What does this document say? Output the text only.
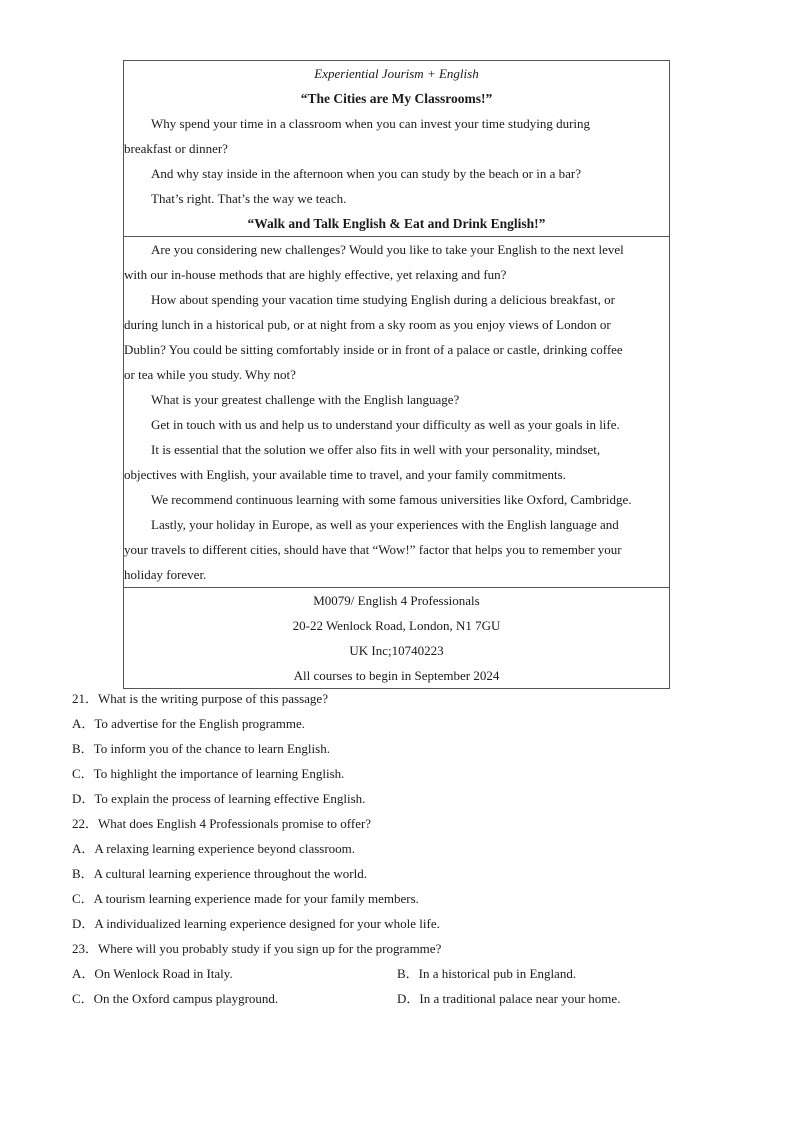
Experiential Jourism + English
“The Cities are My Classrooms!”
Why spend your time in a classroom when you can invest your time studying during
breakfast or dinner?
And why stay inside in the afternoon when you can study by the beach or in a bar?
That’s right. That’s the way we teach.
“Walk and Talk English & Eat and Drink English!”
Are you considering new challenges? Would you like to take your English to the next level
with our in-house methods that are highly effective, yet relaxing and fun?
How about spending your vacation time studying English during a delicious breakfast, or
during lunch in a historical pub, or at night from a sky room as you enjoy views of London or
Dublin? You could be sitting comfortably inside or in front of a palace or castle, drinking coffee
or tea while you study. Why not?
What is your greatest challenge with the English language?
Get in touch with us and help us to understand your difficulty as well as your goals in life.
It is essential that the solution we offer also fits in well with your personality, mindset,
objectives with English, your available time to travel, and your family commitments.
We recommend continuous learning with some famous universities like Oxford, Cambridge.
Lastly, your holiday in Europe, as well as your experiences with the English language and
your travels to different cities, should have that “Wow!” factor that helps you to remember your
holiday forever.
M0079/ English 4 Professionals
20-22 Wenlock Road, London, N1 7GU
UK Inc;10740223
All courses to begin in September 2024
21．What is the writing purpose of this passage?
A．To advertise for the English programme.
B．To inform you of the chance to learn English.
C．To highlight the importance of learning English.
D．To explain the process of learning effective English.
22．What does English 4 Professionals promise to offer?
A．A relaxing learning experience beyond classroom.
B．A cultural learning experience throughout the world.
C．A tourism learning experience made for your family members.
D．A individualized learning experience designed for your whole life.
23．Where will you probably study if you sign up for the programme?
A．On Wenlock Road in Italy.	B．In a historical pub in England.
C．On the Oxford campus playground.	D．In a traditional palace near your home.
